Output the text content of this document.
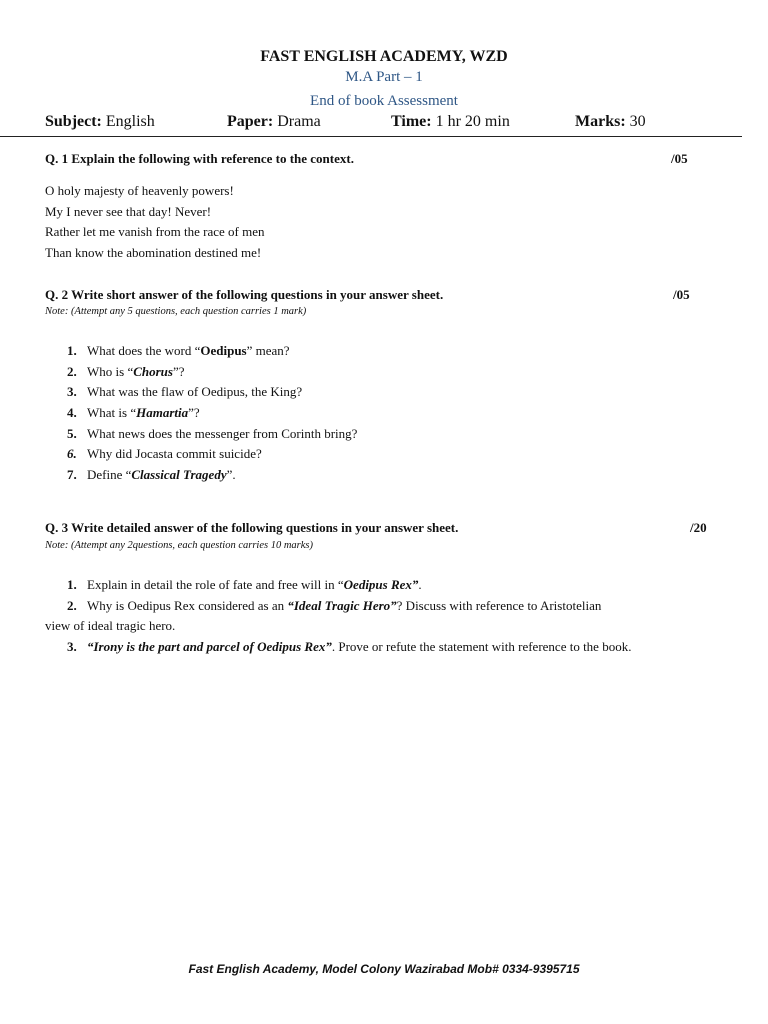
FAST ENGLISH ACADEMY, WZD
M.A Part – 1
End of book Assessment
Subject: English	Paper: Drama	Time: 1 hr 20 min	Marks: 30
Q. 1 Explain the following with reference to the context.	/05
O holy majesty of heavenly powers!
My I never see that day! Never!
Rather let me vanish from the race of men
Than know the abomination destined me!
Q. 2 Write short answer of the following questions in your answer sheet.	/05
Note: (Attempt any 5 questions, each question carries 1 mark)
1. What does the word “Oedipus” mean?
2. Who is “Chorus”?
3. What was the flaw of Oedipus, the King?
4. What is “Hamartia”?
5. What news does the messenger from Corinth bring?
6. Why did Jocasta commit suicide?
7. Define “Classical Tragedy”.
Q. 3 Write detailed answer of the following questions in your answer sheet.	/20
Note: (Attempt any 2questions, each question carries 10 marks)
1. Explain in detail the role of fate and free will in “Oedipus Rex”.
2. Why is Oedipus Rex considered as an “Ideal Tragic Hero”? Discuss with reference to Aristotelian
view of ideal tragic hero.
3. “Irony is the part and parcel of Oedipus Rex”. Prove or refute the statement with reference to the book.
Fast English Academy, Model Colony Wazirabad Mob# 0334-9395715
